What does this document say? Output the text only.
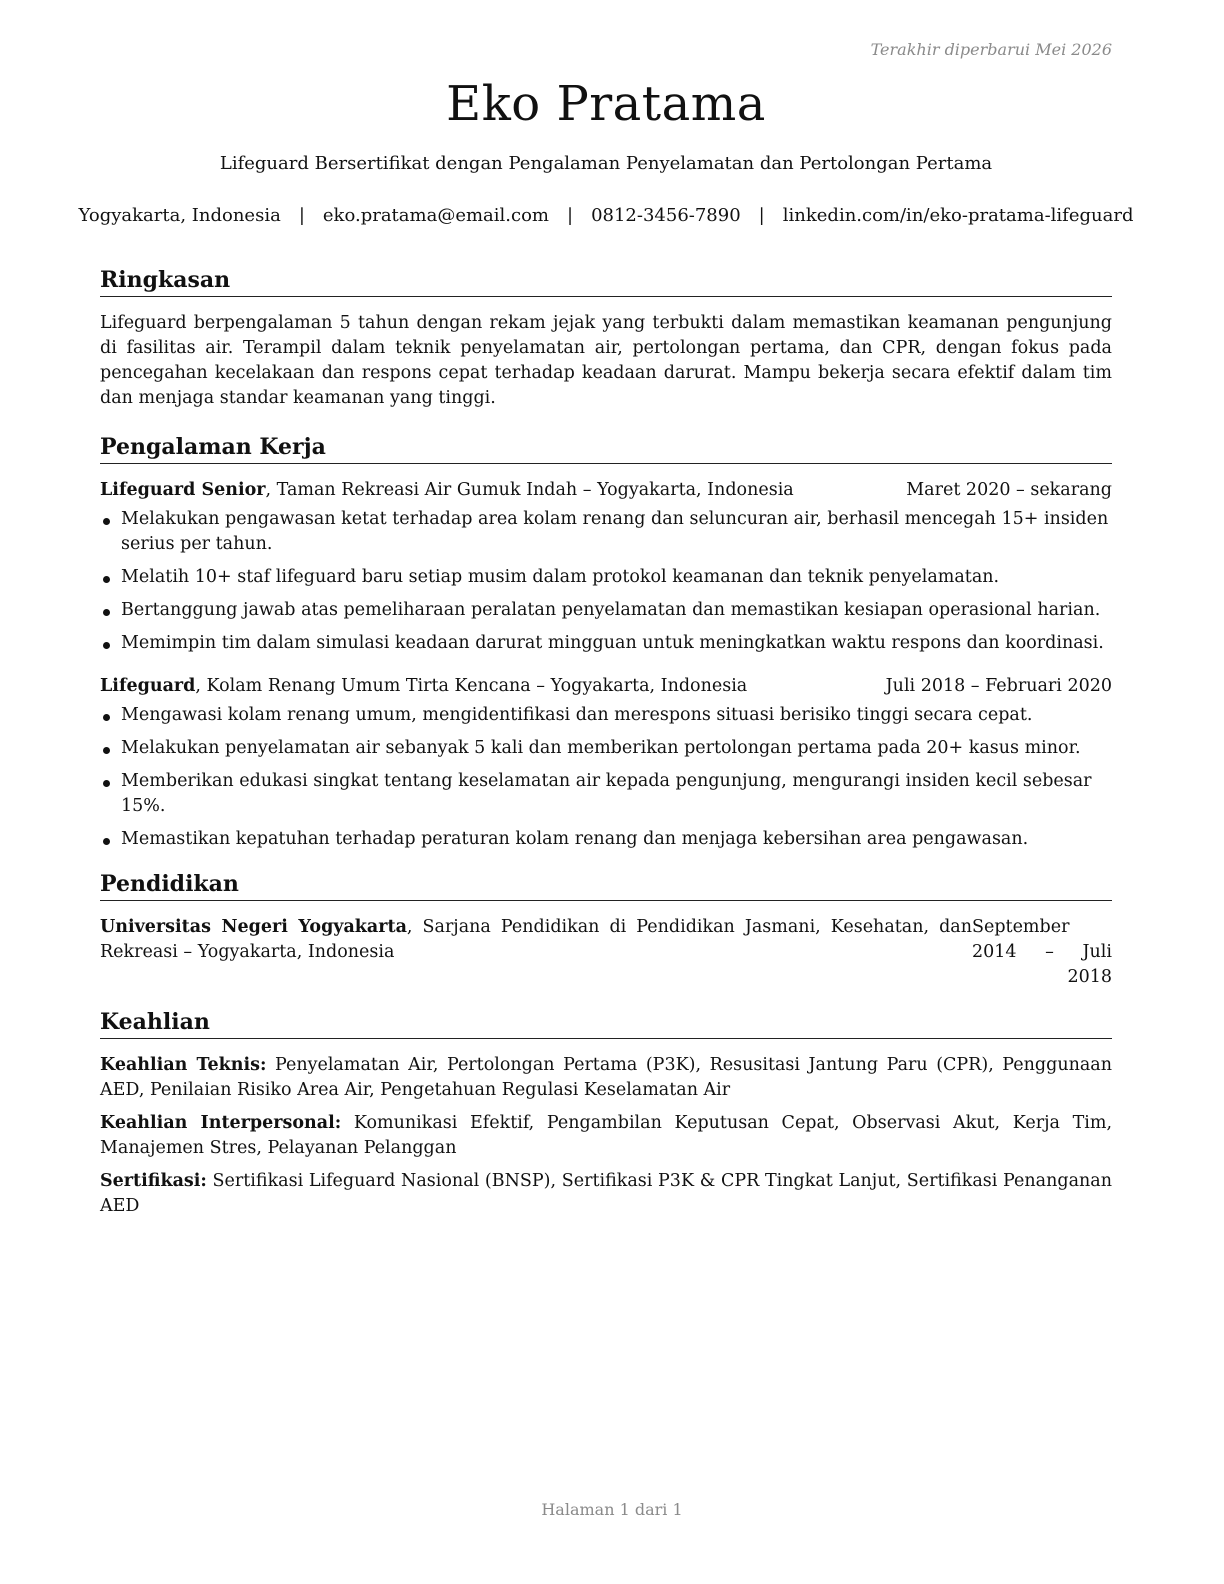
Terakhir diperbarui Mei 2026
Eko Pratama
Lifeguard Bersertifikat dengan Pengalaman Penyelamatan dan Pertolongan Pertama
Yogyakarta, Indonesia | eko.pratama@email.com | 0812-3456-7890 | linkedin.com/in/eko-pratama-lifeguard
Ringkasan
Lifeguard berpengalaman 5 tahun dengan rekam jejak yang terbukti dalam memastikan keamanan pengunjung di fasilitas air. Terampil dalam teknik penyelamatan air, pertolongan pertama, dan CPR, dengan fokus pada pencegahan kecelakaan dan respons cepat terhadap keadaan darurat. Mampu bekerja secara efektif dalam tim dan menjaga standar keamanan yang tinggi.
Pengalaman Kerja
Lifeguard Senior, Taman Rekreasi Air Gumuk Indah – Yogyakarta, Indonesia	Maret 2020 – sekarang
Melakukan pengawasan ketat terhadap area kolam renang dan seluncuran air, berhasil mencegah 15+ insiden serius per tahun.
Melatih 10+ staf lifeguard baru setiap musim dalam protokol keamanan dan teknik penyelamatan.
Bertanggung jawab atas pemeliharaan peralatan penyelamatan dan memastikan kesiapan operasional harian.
Memimpin tim dalam simulasi keadaan darurat mingguan untuk meningkatkan waktu respons dan koordinasi.
Lifeguard, Kolam Renang Umum Tirta Kencana – Yogyakarta, Indonesia	Juli 2018 – Februari 2020
Mengawasi kolam renang umum, mengidentifikasi dan merespons situasi berisiko tinggi secara cepat.
Melakukan penyelamatan air sebanyak 5 kali dan memberikan pertolongan pertama pada 20+ kasus minor.
Memberikan edukasi singkat tentang keselamatan air kepada pengunjung, mengurangi insiden kecil sebesar 15%.
Memastikan kepatuhan terhadap peraturan kolam renang dan menjaga kebersihan area pengawasan.
Pendidikan
Universitas Negeri Yogyakarta, Sarjana Pendidikan di Pendidikan Jasmani, Kesehatan, dan Rekreasi – Yogyakarta, Indonesia
September 2014 – Juli 2018
Keahlian
Keahlian Teknis: Penyelamatan Air, Pertolongan Pertama (P3K), Resusitasi Jantung Paru (CPR), Penggunaan AED, Penilaian Risiko Area Air, Pengetahuan Regulasi Keselamatan Air
Keahlian Interpersonal: Komunikasi Efektif, Pengambilan Keputusan Cepat, Observasi Akut, Kerja Tim, Manajemen Stres, Pelayanan Pelanggan
Sertifikasi: Sertifikasi Lifeguard Nasional (BNSP), Sertifikasi P3K & CPR Tingkat Lanjut, Sertifikasi Penanganan AED
Halaman 1 dari 1
